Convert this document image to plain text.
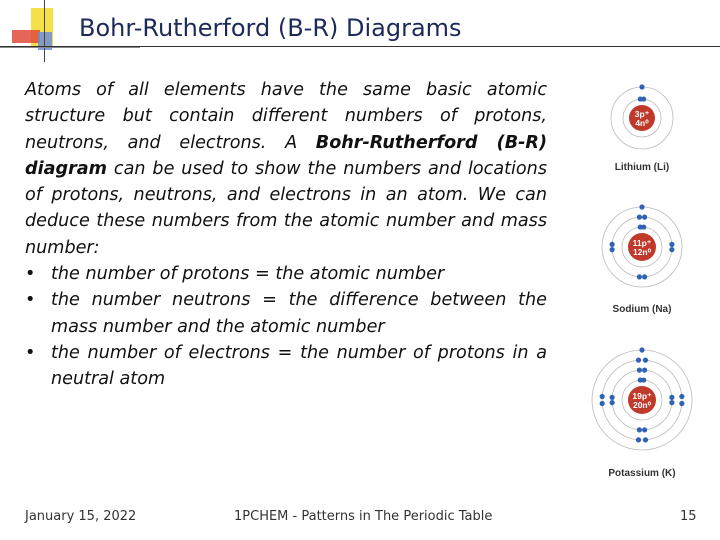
Bohr-Rutherford (B-R) Diagrams

Atoms of all elements have the same basic atomic structure but contain different numbers of protons, neutrons, and electrons. A Bohr-Rutherford (B-R) diagram can be used to show the numbers and locations of protons, neutrons, and electrons in an atom. We can deduce these numbers from the atomic number and mass number:

• the number of protons = the atomic number
• the number neutrons = the difference between the mass number and the atomic number
• the number of electrons = the number of protons in a neutral atom
3p⁺
4n⁰
Lithium (Li)
11p⁺
12n⁰
Sodium (Na)
19p⁺
20n⁰
Potassium (K)
January 15, 2022	1PCHEM - Patterns in The Periodic Table	15
